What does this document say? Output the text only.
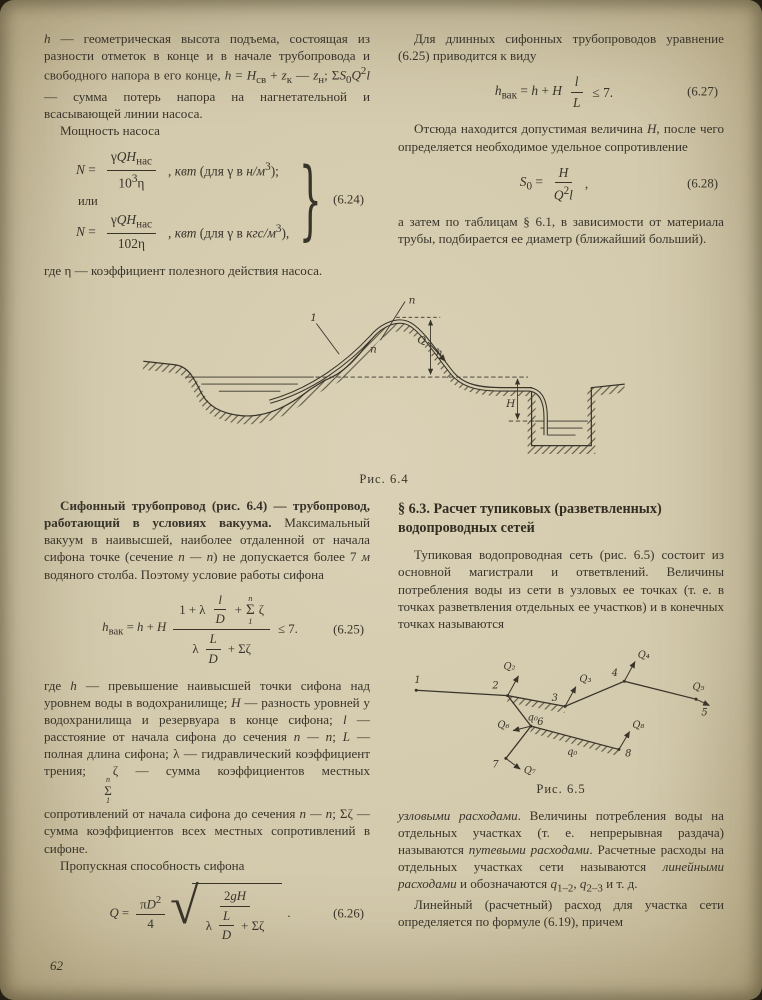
h — геометрическая высота подъема, состоящая из разности отметок в конце и в начале трубопровода и свободного напора в его конце, $h = H_{св} + z_к$ — $z_н$; $\Sigma S_0Q^2l$ — сумма потерь напора на нагнетательной и всасывающей линии насоса.

Мощность насоса

$N = \frac{\gamma QH_{нас}}{10^3\eta}$ , квт (для γ в $н/м^3$);
или
$N = \frac{\gamma QH_{нас}}{102\eta}$ , квт (для γ в кгс/$м^3$), } (6.24)

где η — коэффициент полезного действия насоса.

Для длинных сифонных трубопроводов уравнение (6.25) приводится к виду

$h_{вак} = h + H \frac{l}{L} \le 7$.	(6.27)

Отсюда находится допустимая величина H, после чего определяется необходимое удельное сопротивление

$S_0 = \frac{H}{Q^2l}$ ,	(6.28)

а затем по таблицам § 6.1, в зависимости от материала трубы, подбирается ее диаметр (ближайший больший).

n
n
1
Q
h
H
Рис. 6.4

Сифонный трубопровод (рис. 6.4) — трубопровод, работающий в условиях вакуума. Максимальный вакуум в наивысшей, наиболее отдаленной от начала сифона точке (сечение n — n) не допускается более 7 м водяного столба. Поэтому условие работы сифона

$h_{вак} = h + H$
1 + λ $\frac{l}{D}$ +
n
Σ
1
ζ
λ $\frac{L}{D} + \Sigma\zeta$
≤ 7.	(6.25)

где h — превышение наивысшей точки сифона над уровнем воды в водохранилище; H — разность уровней у водохранилища и резервуара в конце сифона; l — расстояние от начала сифона до сечения n — n; L — полная длина сифона; λ — гидравлический коэффициент трения;
n
Σ
1
ζ — сумма коэффициентов местных сопротивлений от начала сифона до сечения n — n; Σζ — сумма коэффициентов всех местных сопротивлений в сифоне.

Пропускная способность сифона

$Q = \frac{\pi D^2}{4}$ √	2gH
λ $\frac{L}{D} + \Sigma\zeta$
.	(6.26)
§ 6.3. Расчет тупиковых (разветвленных) водопроводных сетей

Тупиковая водопроводная сеть (рис. 6.5) состоит из основной магистрали и ответвлений. Величины потребления воды из сети в узловых ее точках (т. е. в точках разветвления отдельных ее участков) и в конечных точках называются

1	2
3
4
5
6
7
8
Q₂
Q₃
Q₄
Q₅
Q₆
Q₇
Q₈
q₀
q₀
Рис. 6.5

узловыми расходами. Величины потребления воды на отдельных участках (т. е. непрерывная раздача) называются путевыми расходами. Расчетные расходы на отдельных участках сети называются линейными расходами и обозначаются $q_{1-2}$, $q_{2-3}$ и т. д.

Линейный (расчетный) расход для участка сети определяется по формуле (6.19), причем

62
